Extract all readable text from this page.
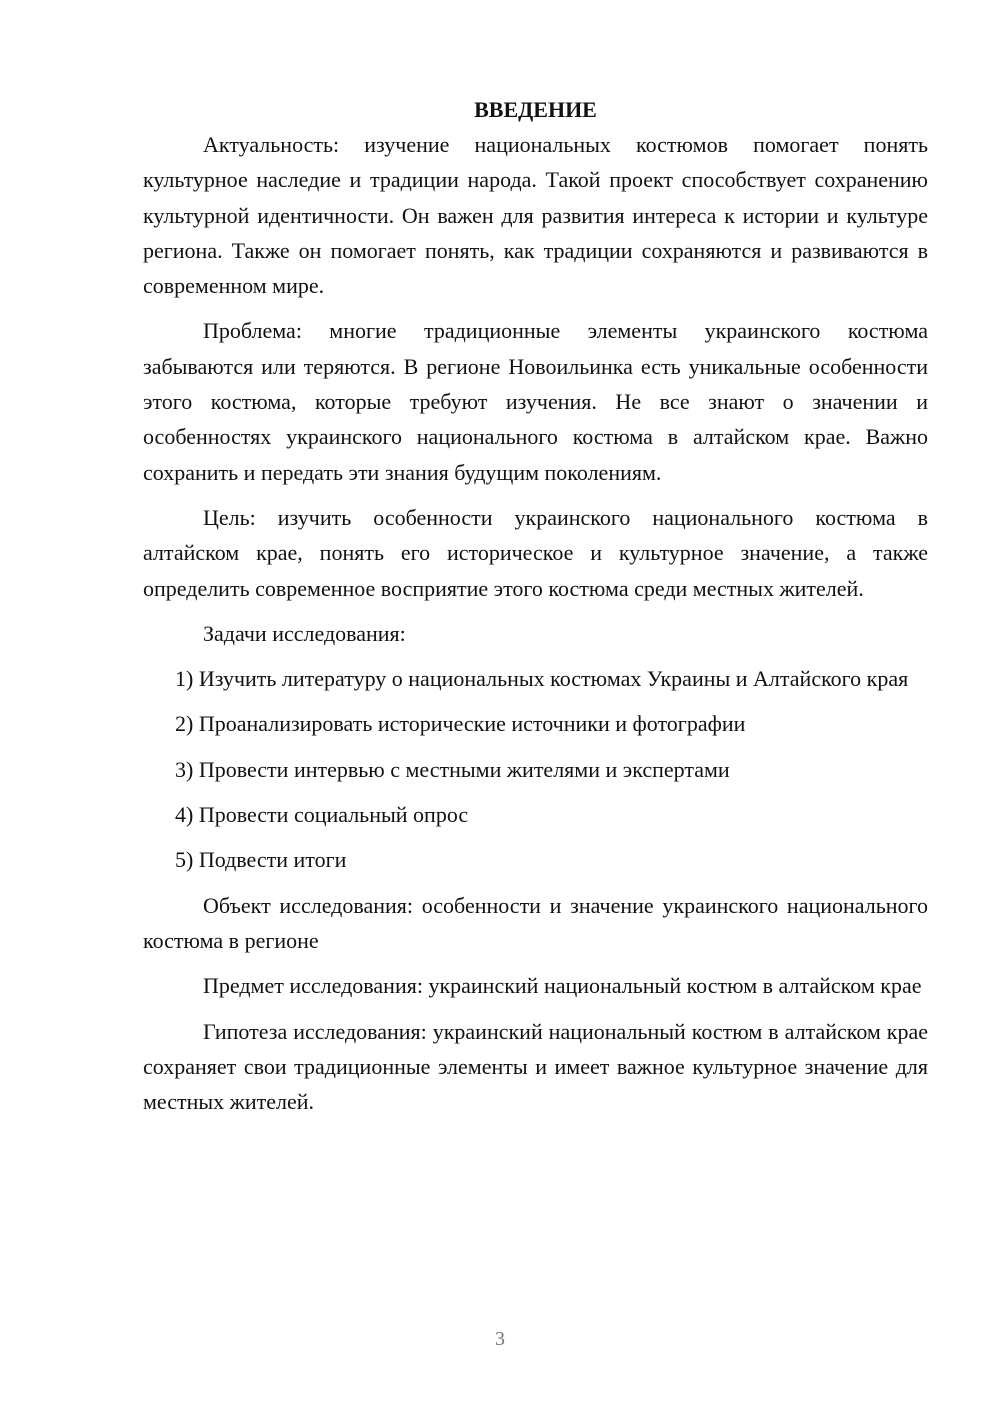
ВВЕДЕНИЕ

Актуальность: изучение национальных костюмов помогает понять культурное наследие и традиции народа. Такой проект способствует сохранению культурной идентичности. Он важен для развития интереса к истории и культуре региона. Также он помогает понять, как традиции сохраняются и развиваются в современном мире.

Проблема: многие традиционные элементы украинского костюма забываются или теряются. В регионе Новоильинка есть уникальные особенности этого костюма, которые требуют изучения. Не все знают о значении и особенностях украинского национального костюма в алтайском крае. Важно сохранить и передать эти знания будущим поколениям.

Цель: изучить особенности украинского национального костюма в алтайском крае, понять его историческое и культурное значение, а также определить современное восприятие этого костюма среди местных жителей.

Задачи исследования:

1) Изучить литературу о национальных костюмах Украины и Алтайского края

2) Проанализировать исторические источники и фотографии

3) Провести интервью с местными жителями и экспертами

4) Провести социальный опрос

5) Подвести итоги

Объект исследования: особенности и значение украинского национального костюма в регионе

Предмет исследования: украинский национальный костюм в алтайском крае

Гипотеза исследования: украинский национальный костюм в алтайском крае сохраняет свои традиционные элементы и имеет важное культурное значение для местных жителей.

3
